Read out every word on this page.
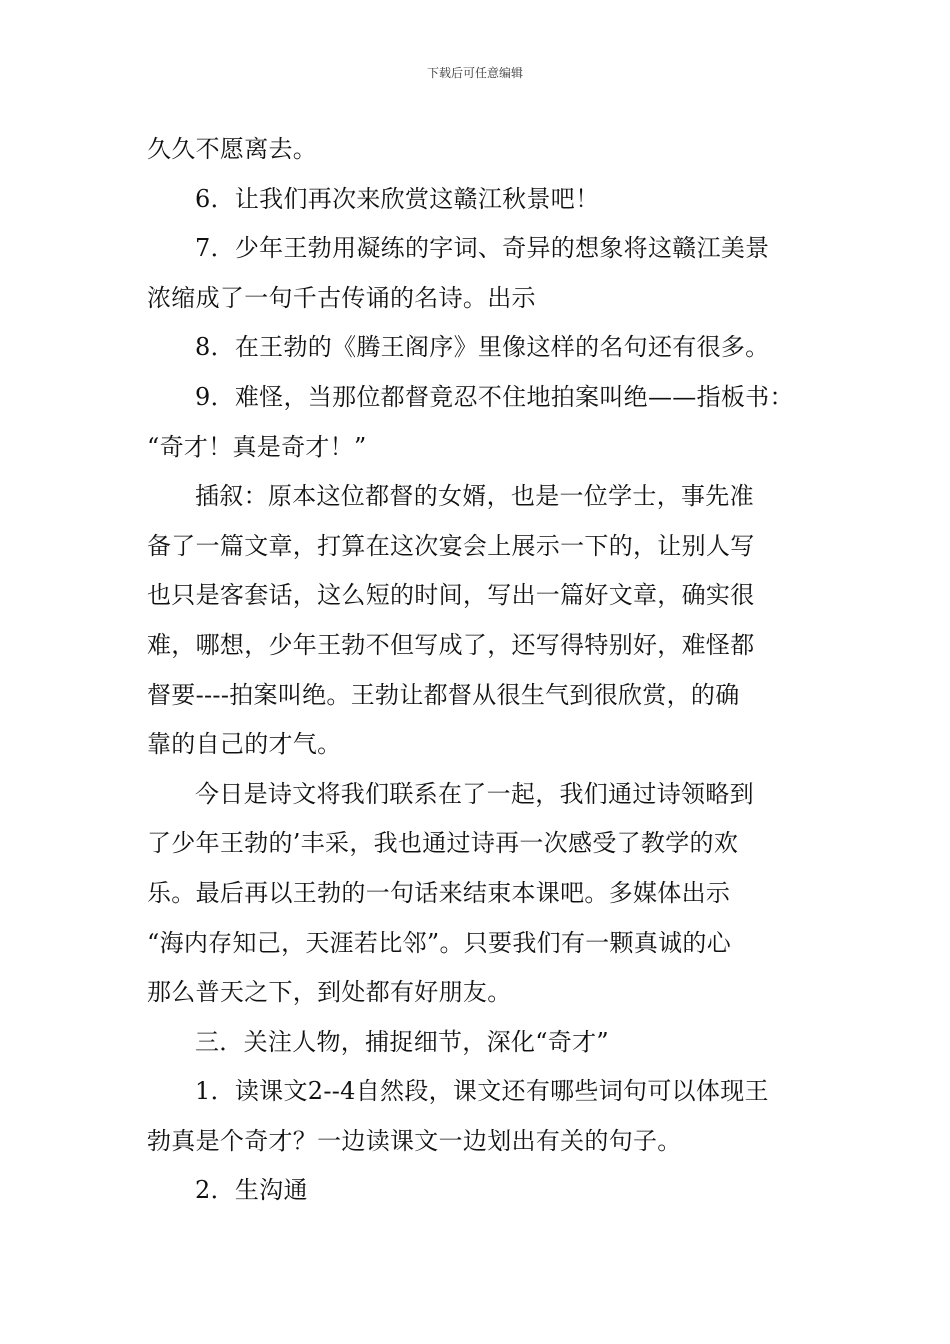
下载后可任意编辑
久久不愿离去。
6．让我们再次来欣赏这赣江秋景吧！
7．少年王勃用凝练的字词、奇异的想象将这赣江美景
浓缩成了一句千古传诵的名诗。出示
8．在王勃的《腾王阁序》里像这样的名句还有很多。
9．难怪，当那位都督竟忍不住地拍案叫绝——指板书：
“奇才！真是奇才！”
插叙：原本这位都督的女婿，也是一位学士，事先准
备了一篇文章，打算在这次宴会上展示一下的，让别人写
也只是客套话，这么短的时间，写出一篇好文章，确实很
难，哪想，少年王勃不但写成了，还写得特别好，难怪都
督要----拍案叫绝。王勃让都督从很生气到很欣赏，的确
靠的自己的才气。
今日是诗文将我们联系在了一起，我们通过诗领略到
了少年王勃的’丰采，我也通过诗再一次感受了教学的欢
乐。最后再以王勃的一句话来结束本课吧。多媒体出示
“海内存知己，天涯若比邻”。只要我们有一颗真诚的心
那么普天之下，到处都有好朋友。
三．关注人物，捕捉细节，深化“奇才”
1．读课文2--4自然段，课文还有哪些词句可以体现王
勃真是个奇才？一边读课文一边划出有关的句子。
2．生沟通
